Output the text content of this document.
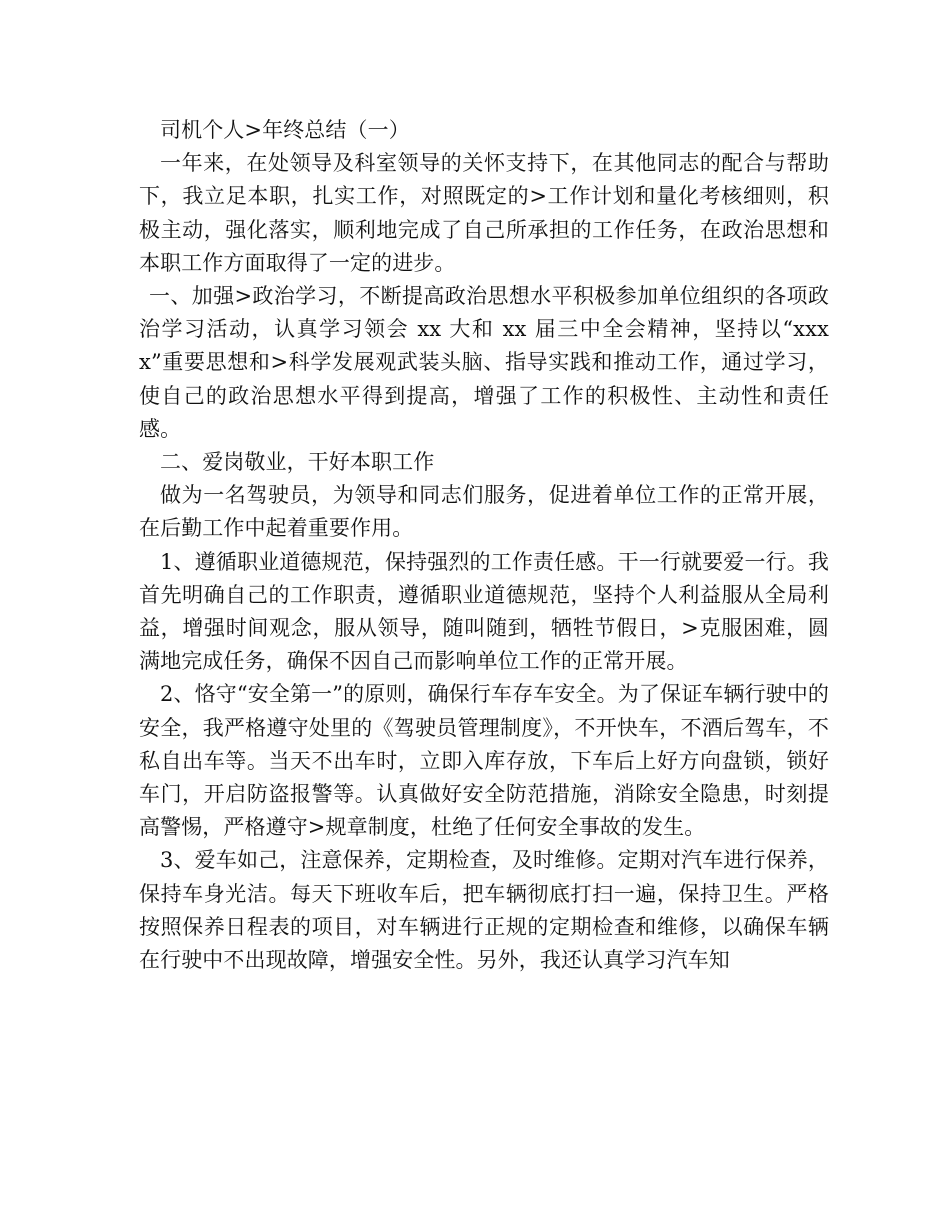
司机个人>年终总结（一）

一年来，在处领导及科室领导的关怀支持下，在其他同志的配合与帮助下，我立足本职，扎实工作，对照既定的>工作计划和量化考核细则，积极主动，强化落实，顺利地完成了自己所承担的工作任务，在政治思想和本职工作方面取得了一定的进步。

一、加强>政治学习，不断提高政治思想水平积极参加单位组织的各项政治学习活动，认真学习领会 xx 大和 xx 届三中全会精神，坚持以“xxxx”重要思想和>科学发展观武装头脑、指导实践和推动工作，通过学习，使自己的政治思想水平得到提高，增强了工作的积极性、主动性和责任感。

二、爱岗敬业，干好本职工作

做为一名驾驶员，为领导和同志们服务，促进着单位工作的正常开展，在后勤工作中起着重要作用。

1、遵循职业道德规范，保持强烈的工作责任感。干一行就要爱一行。我首先明确自己的工作职责，遵循职业道德规范，坚持个人利益服从全局利益，增强时间观念，服从领导，随叫随到，牺牲节假日，>克服困难，圆满地完成任务，确保不因自己而影响单位工作的正常开展。

2、恪守“安全第一”的原则，确保行车存车安全。为了保证车辆行驶中的安全，我严格遵守处里的《驾驶员管理制度》，不开快车，不酒后驾车，不私自出车等。当天不出车时，立即入库存放，下车后上好方向盘锁，锁好车门，开启防盗报警等。认真做好安全防范措施，消除安全隐患，时刻提高警惕，严格遵守>规章制度，杜绝了任何安全事故的发生。

3、爱车如己，注意保养，定期检查，及时维修。定期对汽车进行保养，保持车身光洁。每天下班收车后，把车辆彻底打扫一遍，保持卫生。严格按照保养日程表的项目，对车辆进行正规的定期检查和维修，以确保车辆在行驶中不出现故障，增强安全性。另外，我还认真学习汽车知
